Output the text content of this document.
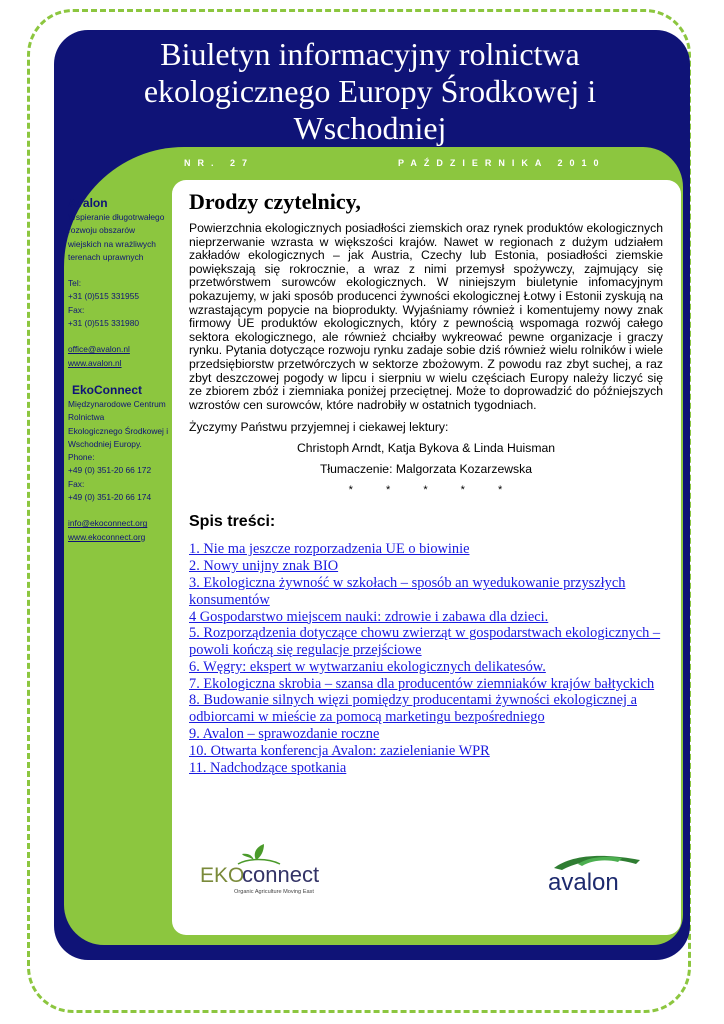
Biuletyn informacyjny rolnictwa ekologicznego Europy Środkowej i Wschodniej
NR. 27	PAŹDZIERNIKA 2010
Avalon
Wspieranie długotrwałego
rozwoju obszarów
wiejskich na wrażliwych
terenach uprawnych
Tel:
+31 (0)515 331955
Fax:
+31 (0)515 331980
office@avalon.nl
www.avalon.nl
EkoConnect
Międzynarodowe Centrum
Rolnictwa
Ekologicznego Środkowej i
Wschodniej Europy.
Phone:
+49 (0) 351-20 66 172
Fax:
+49 (0) 351-20 66 174
info@ekoconnect.org
www.ekoconnect.org
Drodzy czytelnicy,

Powierzchnia ekologicznych posiadłości ziemskich oraz rynek produktów ekologicznych nieprzerwanie wzrasta w większości krajów. Nawet w regionach z dużym udziałem zakładów ekologicznych – jak Austria, Czechy lub Estonia, posiadłości ziemskie powiększają się rokrocznie, a wraz z nimi przemysł spożywczy, zajmujący się przetwórstwem surowców ekologicznych. W niniejszym biuletynie infomacyjnym pokazujemy, w jaki sposób producenci żywności ekologicznej Łotwy i Estonii zyskują na wzrastającym popycie na bioprodukty. Wyjaśniamy również i komentujemy nowy znak firmowy UE produktów ekologicznych, który z pewnością wspomaga rozwój całego sektora ekologicznego, ale również chciałby wykreować pewne organizacje i graczy rynku. Pytania dotyczące rozwoju rynku zadaje sobie dziś również wielu rolników i wiele przedsiębiorstw przetwórczych w sektorze zbożowym. Z powodu raz zbyt suchej, a raz zbyt deszczowej pogody w lipcu i sierpniu w wielu częściach Europy należy liczyć się ze zbiorem zbóż i ziemniaka poniżej przeciętnej. Może to doprowadzić do późniejszych wzrostów cen surowców, które nadrobiły w ostatnich tygodniach.

Życzymy Państwu przyjemnej i ciekawej lektury:
Christoph Arndt, Katja Bykova & Linda Huisman
Tłumaczenie: Malgorzata Kozarzewska
* * * * *
Spis treści:
1. Nie ma jeszcze rozporzadzenia UE o biowinie
2. Nowy unijny znak BIO
3. Ekologiczna żywność w szkołach – sposób an wyedukowanie przyszłych konsumentów
4 Gospodarstwo miejscem nauki: zdrowie i zabawa dla dzieci.
5. Rozporządzenia dotyczące chowu zwierząt w gospodarstwach ekologicznych – powoli kończą się regulacje przejściowe
6. Węgry: ekspert w wytwarzaniu ekologicznych delikatesów.
7. Ekologiczna skrobia – szansa dla producentów ziemniaków krajów bałtyckich
8. Budowanie silnych więzi pomiędzy producentami żywności ekologicznej a odbiorcami w mieście za pomocą marketingu bezpośredniego
9. Avalon – sprawozdanie roczne
10. Otwarta konferencja Avalon: zazielenianie WPR
11. Nadchodzące spotkania
EKO
connect
Organic Agriculture Moving East	avalon
